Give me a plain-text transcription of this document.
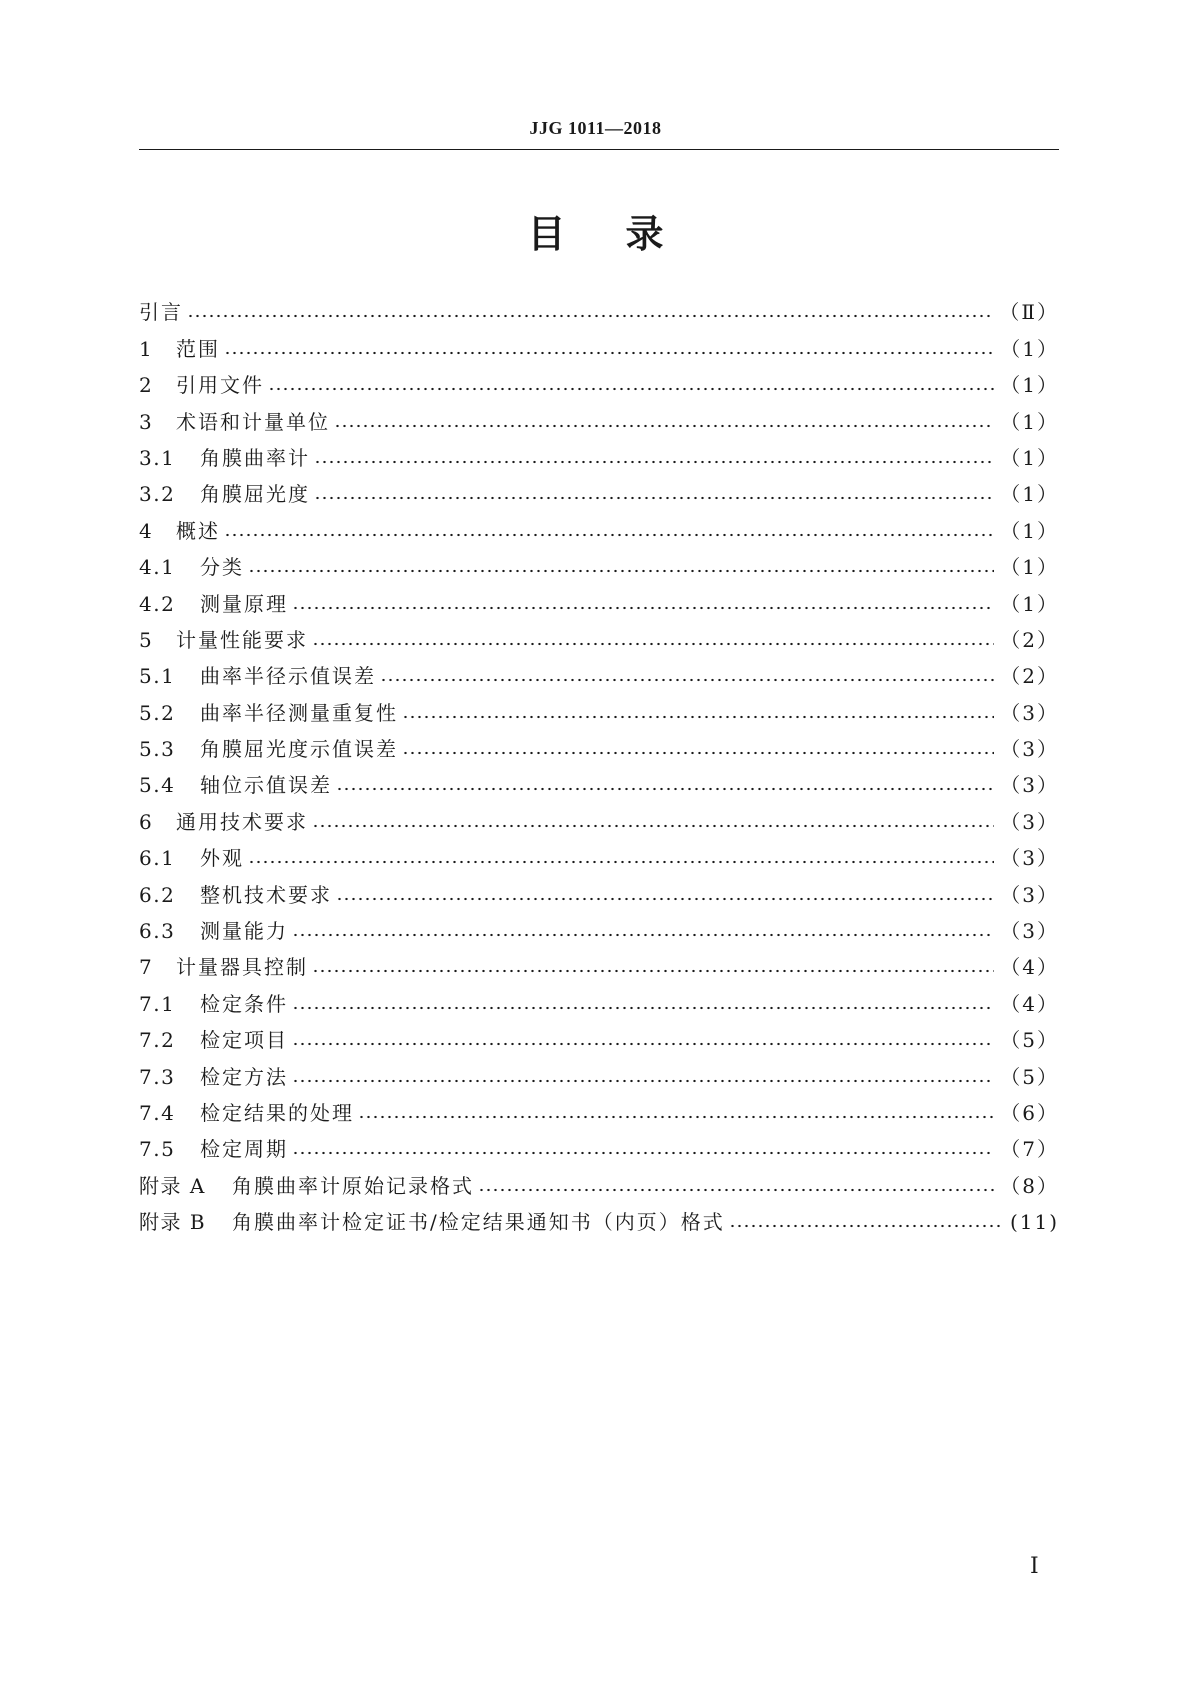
JJG 1011—2018
目 录
引言	（Ⅱ）
1	范围	（1）
2	引用文件	（1）
3	术语和计量单位	（1）
3.1	角膜曲率计	（1）
3.2	角膜屈光度	（1）
4	概述	（1）
4.1	分类	（1）
4.2	测量原理	（1）
5	计量性能要求	（2）
5.1	曲率半径示值误差	（2）
5.2	曲率半径测量重复性	（3）
5.3	角膜屈光度示值误差	（3）
5.4	轴位示值误差	（3）
6	通用技术要求	（3）
6.1	外观	（3）
6.2	整机技术要求	（3）
6.3	测量能力	（3）
7	计量器具控制	（4）
7.1	检定条件	（4）
7.2	检定项目	（5）
7.3	检定方法	（5）
7.4	检定结果的处理	（6）
7.5	检定周期	（7）
附录 A	角膜曲率计原始记录格式	（8）
附录 B	角膜曲率计检定证书/检定结果通知书（内页）格式	(11)
Ⅰ
